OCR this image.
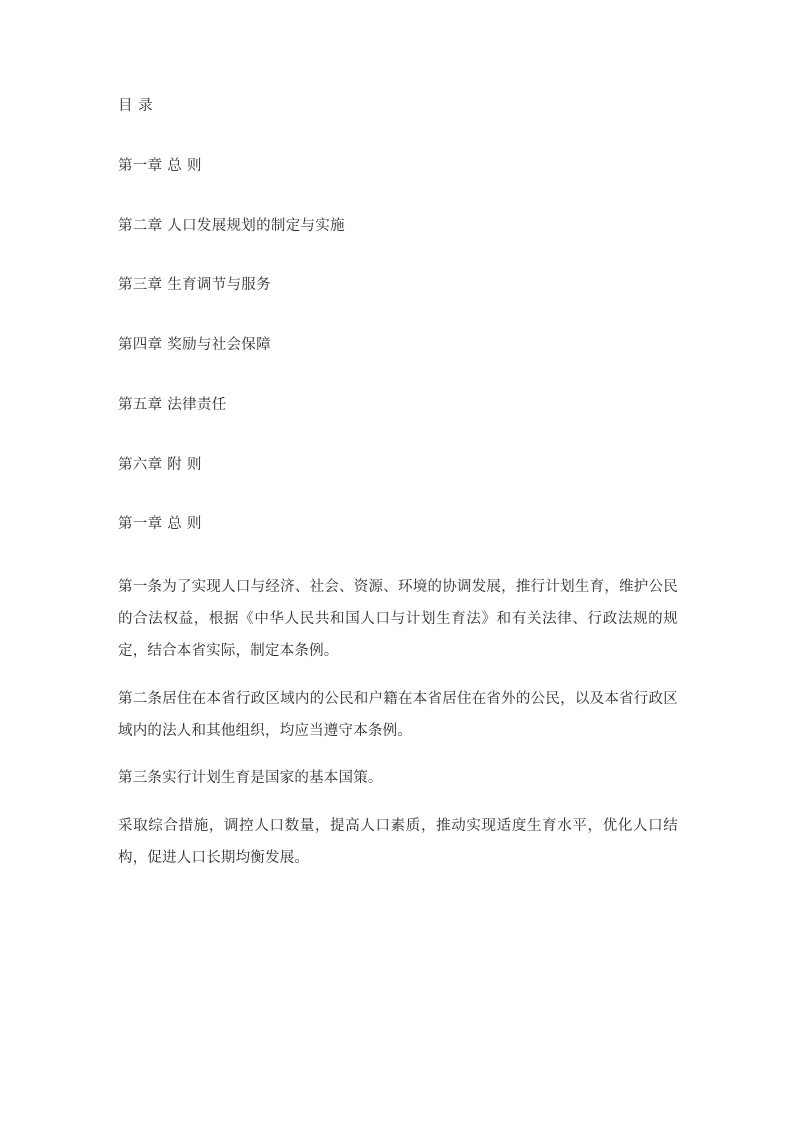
目 录

第一章 总 则

第二章 人口发展规划的制定与实施

第三章 生育调节与服务

第四章 奖励与社会保障

第五章 法律责任

第六章 附 则

第一章 总 则

第一条为了实现人口与经济、社会、资源、环境的协调发展，推行计划生育，维护公民的合法权益，根据《中华人民共和国人口与计划生育法》和有关法律、行政法规的规定，结合本省实际，制定本条例。

第二条居住在本省行政区域内的公民和户籍在本省居住在省外的公民，以及本省行政区域内的法人和其他组织，均应当遵守本条例。

第三条实行计划生育是国家的基本国策。

采取综合措施，调控人口数量，提高人口素质，推动实现适度生育水平，优化人口结构，促进人口长期均衡发展。
